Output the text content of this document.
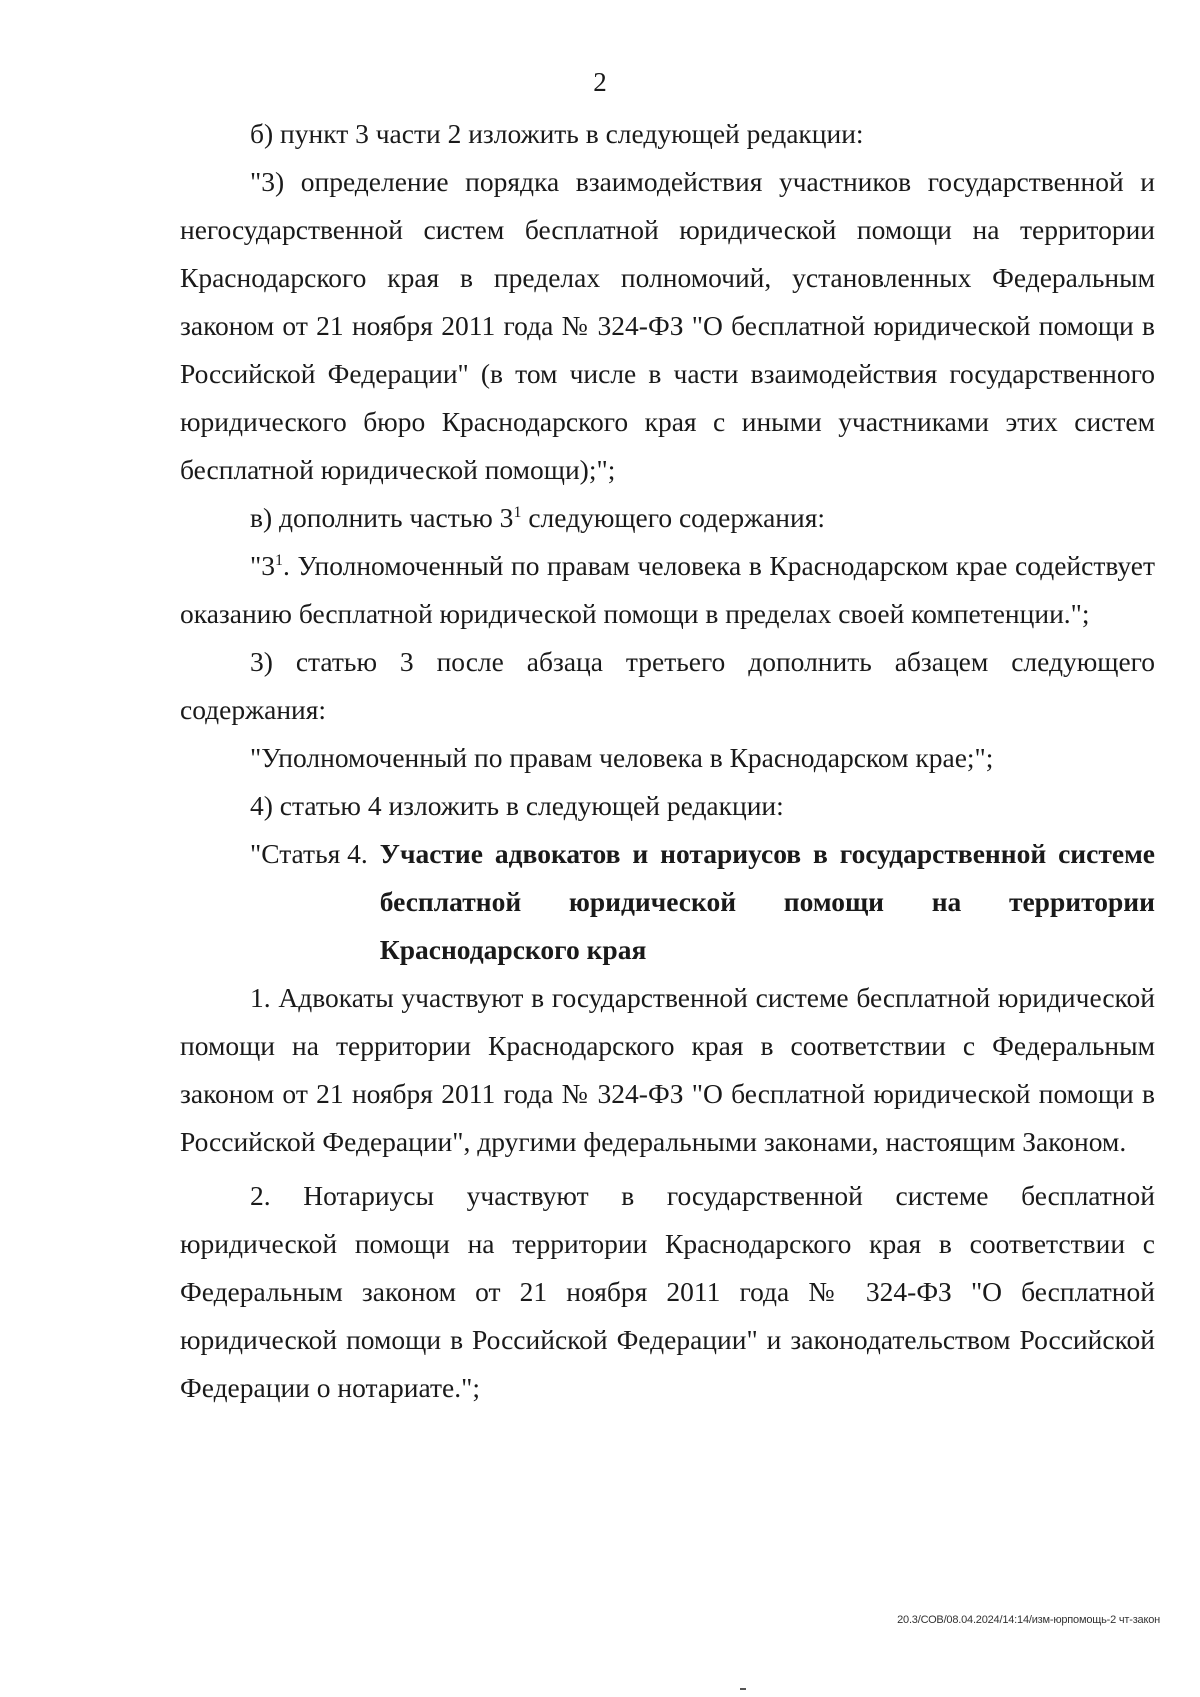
2

б) пункт 3 части 2 изложить в следующей редакции:

"3) определение порядка взаимодействия участников государственной и негосударственной систем бесплатной юридической помощи на территории Краснодарского края в пределах полномочий, установленных Федеральным законом от 21 ноября 2011 года № 324-ФЗ "О бесплатной юридической помощи в Российской Федерации" (в том числе в части взаимодействия государственного юридического бюро Краснодарского края с иными участниками этих систем бесплатной юридической помощи);";

в) дополнить частью $3^1$ следующего содержания:

"$3^1$. Уполномоченный по правам человека в Краснодарском крае содействует оказанию бесплатной юридической помощи в пределах своей компетенции.";

3) статью 3 после абзаца третьего дополнить абзацем следующего содержания:

"Уполномоченный по правам человека в Краснодарском крае;";

4) статью 4 изложить в следующей редакции:

"Статья 4. Участие адвокатов и нотариусов в государственной системе бесплатной юридической помощи на территории Краснодарского края

1. Адвокаты участвуют в государственной системе бесплатной юридической помощи на территории Краснодарского края в соответствии с Федеральным законом от 21 ноября 2011 года № 324-ФЗ "О бесплатной юридической помощи в Российской Федерации", другими федеральными законами, настоящим Законом.

2. Нотариусы участвуют в государственной системе бесплатной юридической помощи на территории Краснодарского края в соответствии с Федеральным законом от 21 ноября 2011 года № 324-ФЗ "О бесплатной юридической помощи в Российской Федерации" и законодательством Российской Федерации о нотариате.";

20.3/СОВ/08.04.2024/14:14/изм-юрпомощь-2 чт-закон
